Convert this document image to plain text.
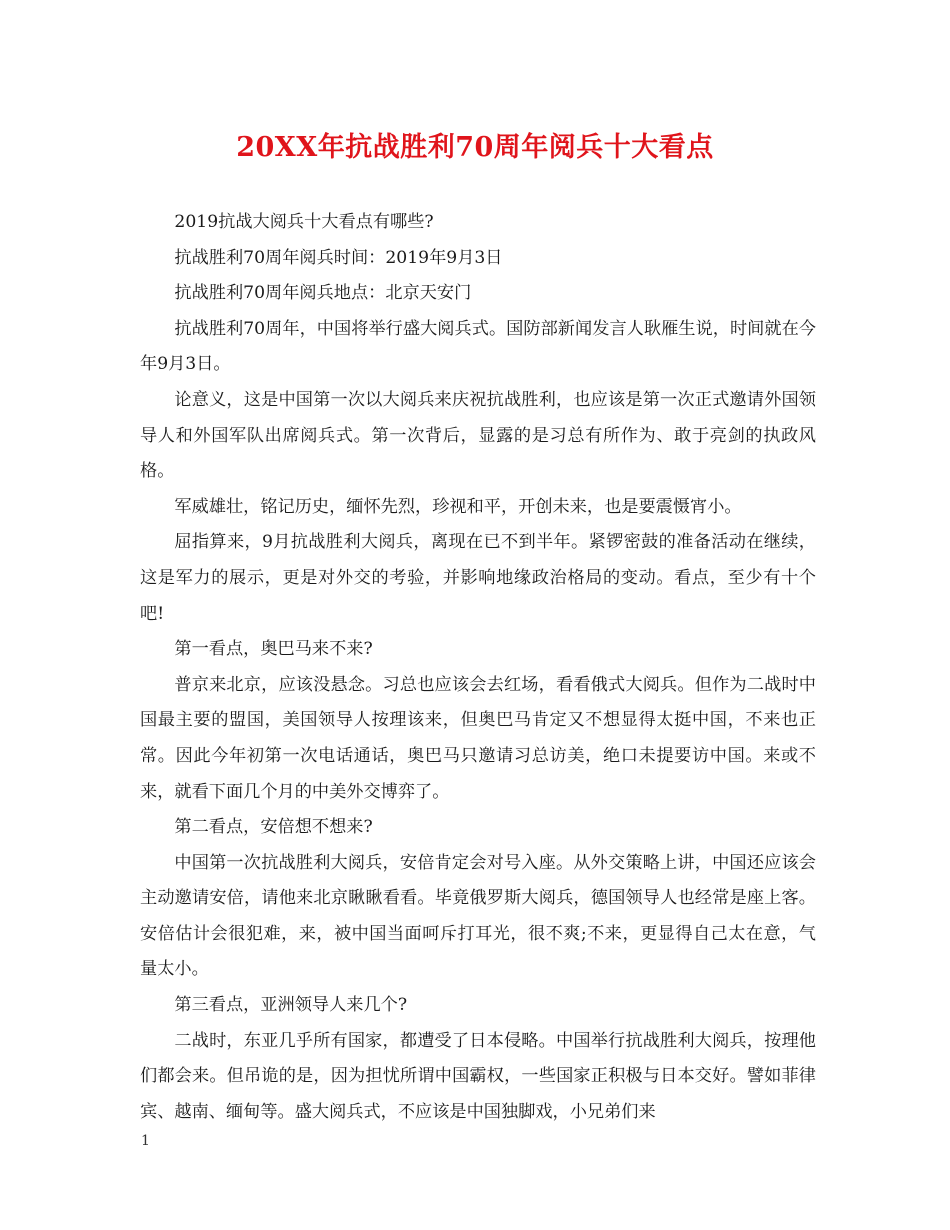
20XX年抗战胜利70周年阅兵十大看点

2019抗战大阅兵十大看点有哪些?

抗战胜利70周年阅兵时间：2019年9月3日

抗战胜利70周年阅兵地点：北京天安门

抗战胜利70周年，中国将举行盛大阅兵式。国防部新闻发言人耿雁生说，时间就在今年9月3日。

论意义，这是中国第一次以大阅兵来庆祝抗战胜利，也应该是第一次正式邀请外国领导人和外国军队出席阅兵式。第一次背后，显露的是习总有所作为、敢于亮剑的执政风格。

军威雄壮，铭记历史，缅怀先烈，珍视和平，开创未来，也是要震慑宵小。

屈指算来，9月抗战胜利大阅兵，离现在已不到半年。紧锣密鼓的准备活动在继续，这是军力的展示，更是对外交的考验，并影响地缘政治格局的变动。看点，至少有十个吧!

第一看点，奥巴马来不来?

普京来北京，应该没悬念。习总也应该会去红场，看看俄式大阅兵。但作为二战时中国最主要的盟国，美国领导人按理该来，但奥巴马肯定又不想显得太挺中国，不来也正常。因此今年初第一次电话通话，奥巴马只邀请习总访美，绝口未提要访中国。来或不来，就看下面几个月的中美外交博弈了。

第二看点，安倍想不想来?

中国第一次抗战胜利大阅兵，安倍肯定会对号入座。从外交策略上讲，中国还应该会主动邀请安倍，请他来北京瞅瞅看看。毕竟俄罗斯大阅兵，德国领导人也经常是座上客。安倍估计会很犯难，来，被中国当面呵斥打耳光，很不爽;不来，更显得自己太在意，气量太小。

第三看点，亚洲领导人来几个?

二战时，东亚几乎所有国家，都遭受了日本侵略。中国举行抗战胜利大阅兵，按理他们都会来。但吊诡的是，因为担忧所谓中国霸权，一些国家正积极与日本交好。譬如菲律宾、越南、缅甸等。盛大阅兵式，不应该是中国独脚戏，小兄弟们来

1
